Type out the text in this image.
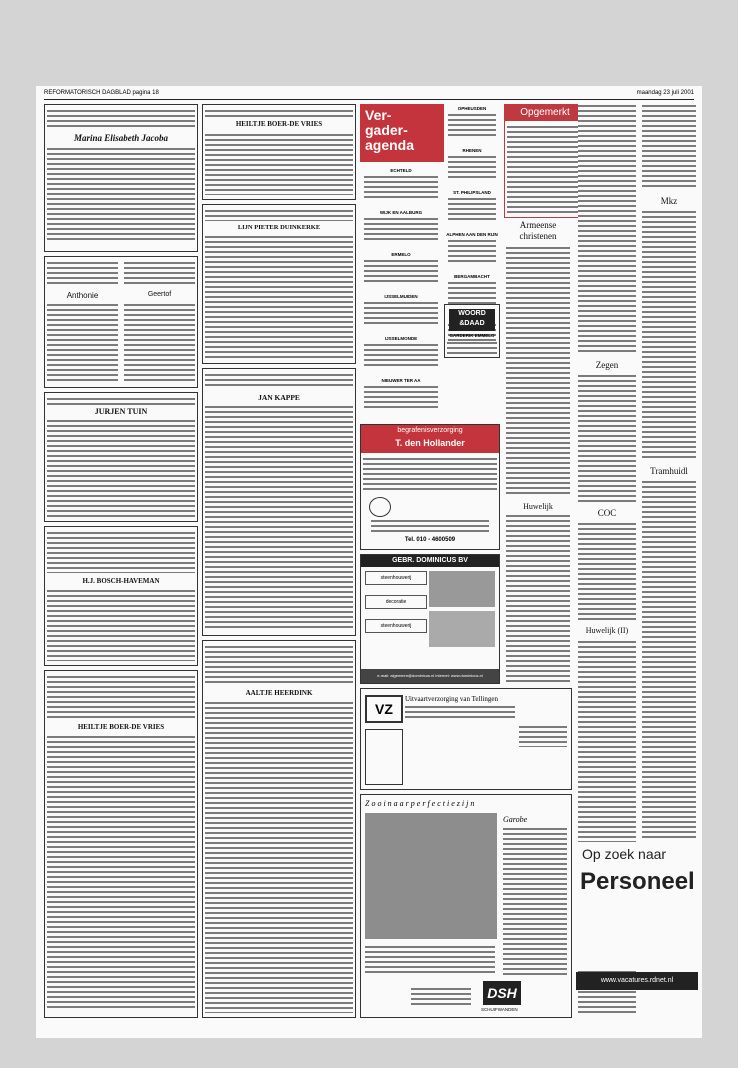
REFORMATORISCH DAGBLAD pagina 18	maandag 23 juli 2001
Marina Elisabeth Jacoba
Anthonie	Geertof
JURJEN TUIN
H.J. BOSCH-HAVEMAN
HEILTJE BOER-DE VRIES
HEILTJE BOER-DE VRIES
LIJN PIETER DUINKERKE
JAN KAPPE
AALTJE HEERDINK
Ver-
gader-
agenda
OPHEUSDEN
RHENEN
ST. PHILIPSLAND
ALPHEN AAN DEN RIJN
BERGAMBACHT
ECHTELD
WIJK EN AALBURG
ERMELO
IJSSELMUIDEN
IJSSELMONDE
NIEUWER TER AA
Opgemerkt
WOORD
&DAAD
GARDERIK EMMELO
begrafenisverzorging
T. den Hollander
Tel. 010 - 4600509
GEBR. DOMINICUS BV
steenhouwerij
decoratie
steenhouwerij
e-mail: algemeen@dominicus.nl internet: www.dominicus.nl
VZ
Uitvaartverzorging van Tellingen
Z o o i n a a r p e r f e c t i e z i j n
Garobe
DSH
SCHUIFWANDEN
Armeense christenen
Huwelijk
Zegen
COC
Huwelijk (II)
Mkz
Tramhuidl
Op zoek naar
Personeel
www.vacatures.rdnet.nl
